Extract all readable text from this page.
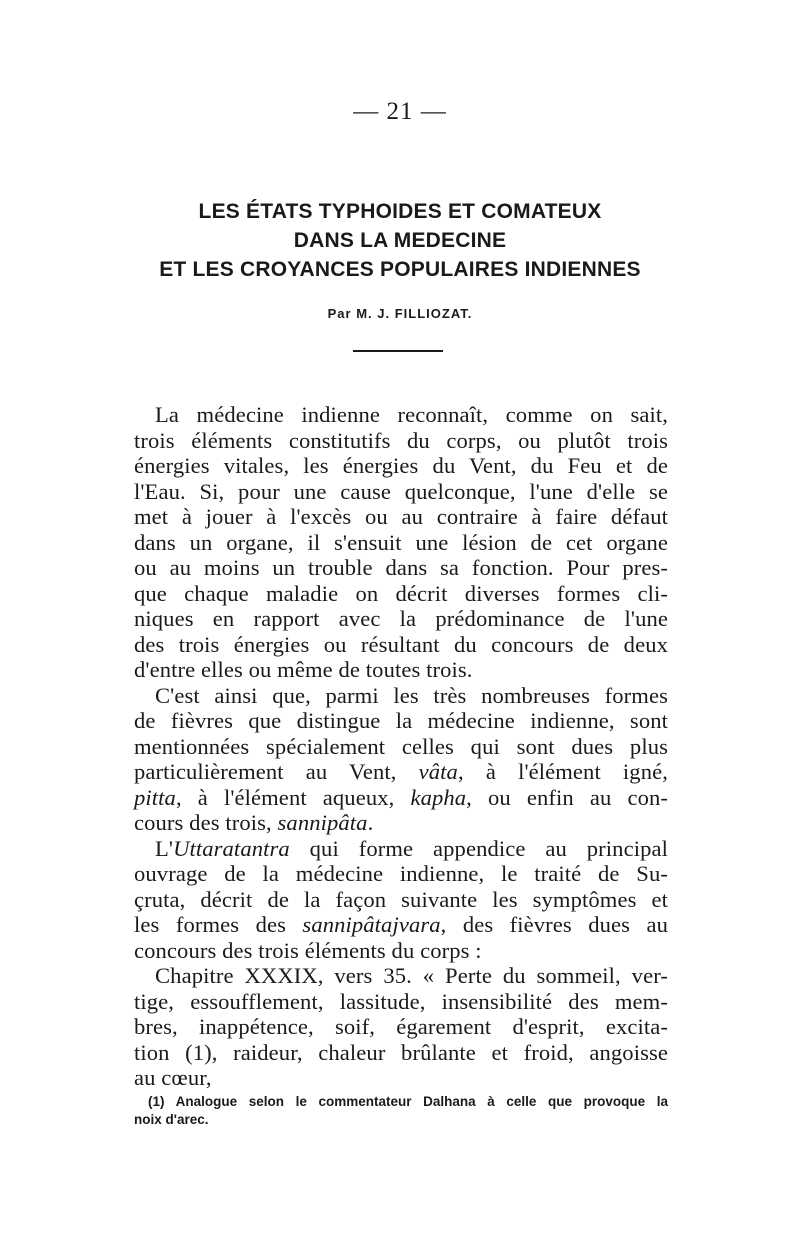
— 21 —
LES ÉTATS TYPHOIDES ET COMATEUX
DANS LA MEDECINE
ET LES CROYANCES POPULAIRES INDIENNES
Par M. J. FILLIOZAT.
La médecine indienne reconnaît, comme on sait,
trois éléments constitutifs du corps, ou plutôt trois
énergies vitales, les énergies du Vent, du Feu et de
l'Eau. Si, pour une cause quelconque, l'une d'elle se
met à jouer à l'excès ou au contraire à faire défaut
dans un organe, il s'ensuit une lésion de cet organe
ou au moins un trouble dans sa fonction. Pour pres-
que chaque maladie on décrit diverses formes cli-
niques en rapport avec la prédominance de l'une
des trois énergies ou résultant du concours de deux
d'entre elles ou même de toutes trois.
C'est ainsi que, parmi les très nombreuses formes
de fièvres que distingue la médecine indienne, sont
mentionnées spécialement celles qui sont dues plus
particulièrement au Vent, vâta, à l'élément igné,
pitta, à l'élément aqueux, kapha, ou enfin au con-
cours des trois, sannipâta.
L'Uttaratantra qui forme appendice au principal
ouvrage de la médecine indienne, le traité de Su-
çruta, décrit de la façon suivante les symptômes et
les formes des sannipâtajvara, des fièvres dues au
concours des trois éléments du corps :
Chapitre XXXIX, vers 35. « Perte du sommeil, ver-
tige, essoufflement, lassitude, insensibilité des mem-
bres, inappétence, soif, égarement d'esprit, excita-
tion (1), raideur, chaleur brûlante et froid, angoisse
au cœur,
(1) Analogue selon le commentateur Dalhana à celle que provoque la
noix d'arec.
